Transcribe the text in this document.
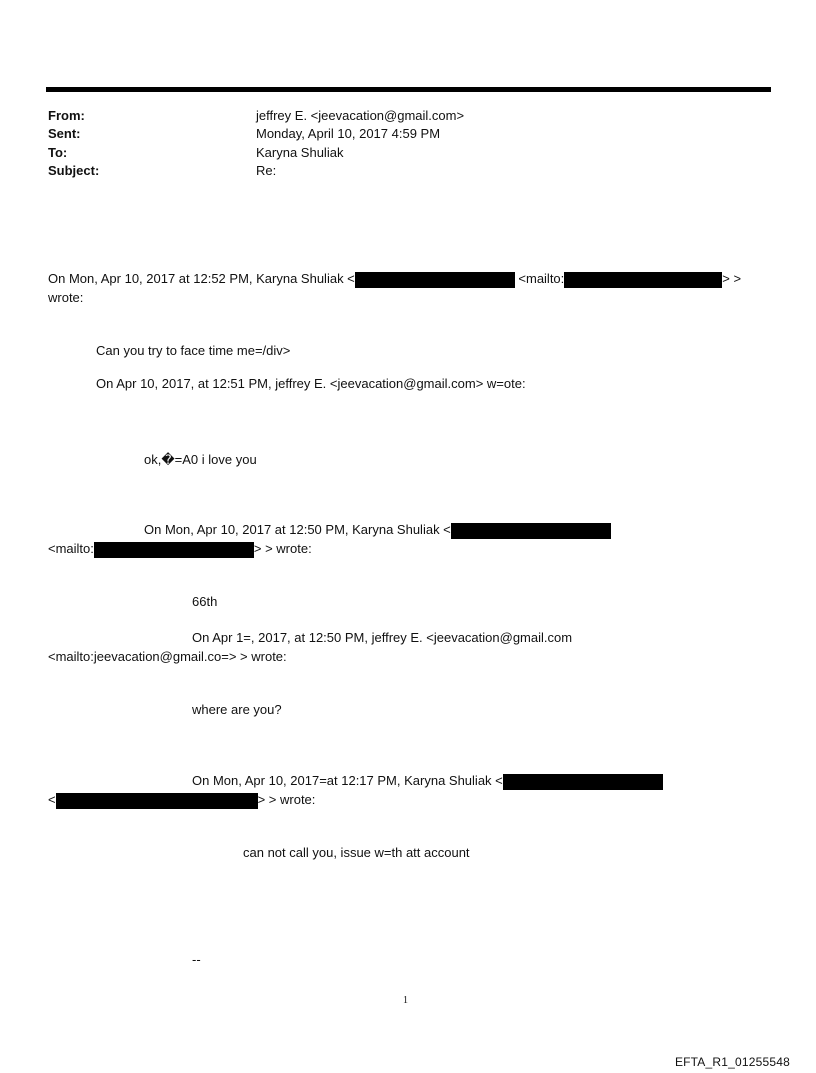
From:	jeffrey E. <jeevacation@gmail.com>
Sent:	Monday, April 10, 2017 4:59 PM
To:	Karyna Shuliak
Subject:	Re:
On Mon, Apr 10, 2017 at 12:52 PM, Karyna Shuliak <	<mailto:	> >
wrote:
Can you try to face time me=/div>
On Apr 10, 2017, at 12:51 PM, jeffrey E. <jeevacation@gmail.com> w=ote:
ok,�=A0 i love you
On Mon, Apr 10, 2017 at 12:50 PM, Karyna Shuliak <
<mailto:	> > wrote:
66th
On Apr 1=, 2017, at 12:50 PM, jeffrey E. <jeevacation@gmail.com
<mailto:jeevacation@gmail.co=> > wrote:
where are you?
On Mon, Apr 10, 2017=at 12:17 PM, Karyna Shuliak <
<	> > wrote:
can not call you, issue w=th att account
--
1
EFTA_R1_01255548
